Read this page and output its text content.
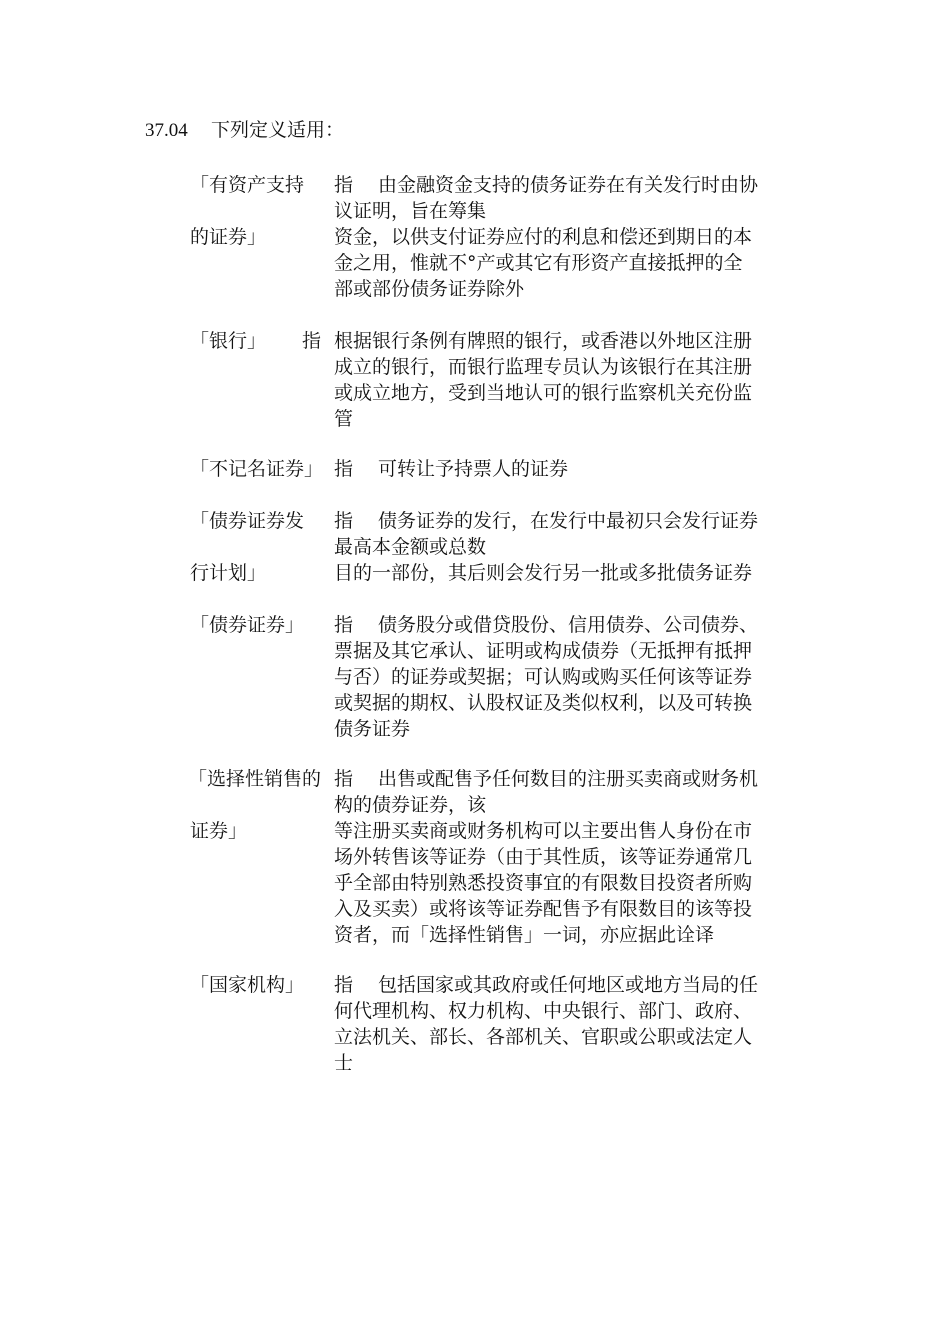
37.04 下列定义适用：
「有资产支持
的证券」
指 由金融资金支持的债务证券在有关发行时由协
议证明，旨在筹集
资金，以供支付证券应付的利息和偿还到期日的本
金之用，惟就不°产或其它有形资产直接抵押的全
部或部份债务证券除外
「银行」 指 根据银行条例有牌照的银行，或香港以外地区注册
成立的银行，而银行监理专员认为该银行在其注册
或成立地方，受到当地认可的银行监察机关充份监
管
「不记名证券」 指 可转让予持票人的证券
「债券证券发
行计划」
指 债务证券的发行，在发行中最初只会发行证券
最高本金额或总数
目的一部份，其后则会发行另一批或多批债务证券
「债券证券」 指 债务股分或借贷股份、信用债券、公司债券、
票据及其它承认、证明或构成债券（无抵押有抵押
与否）的证券或契据；可认购或购买任何该等证券
或契据的期权、认股权证及类似权利，以及可转换
债务证券
「选择性销售的
证券」
指 出售或配售予任何数目的注册买卖商或财务机
构的债券证券，该
等注册买卖商或财务机构可以主要出售人身份在市
场外转售该等证券（由于其性质，该等证券通常几
乎全部由特别熟悉投资事宜的有限数目投资者所购
入及买卖）或将该等证券配售予有限数目的该等投
资者，而「选择性销售」一词，亦应据此诠译
「国家机构」 指 包括国家或其政府或任何地区或地方当局的任
何代理机构、权力机构、中央银行、部门、政府、
立法机关、部长、各部机关、官职或公职或法定人
士
